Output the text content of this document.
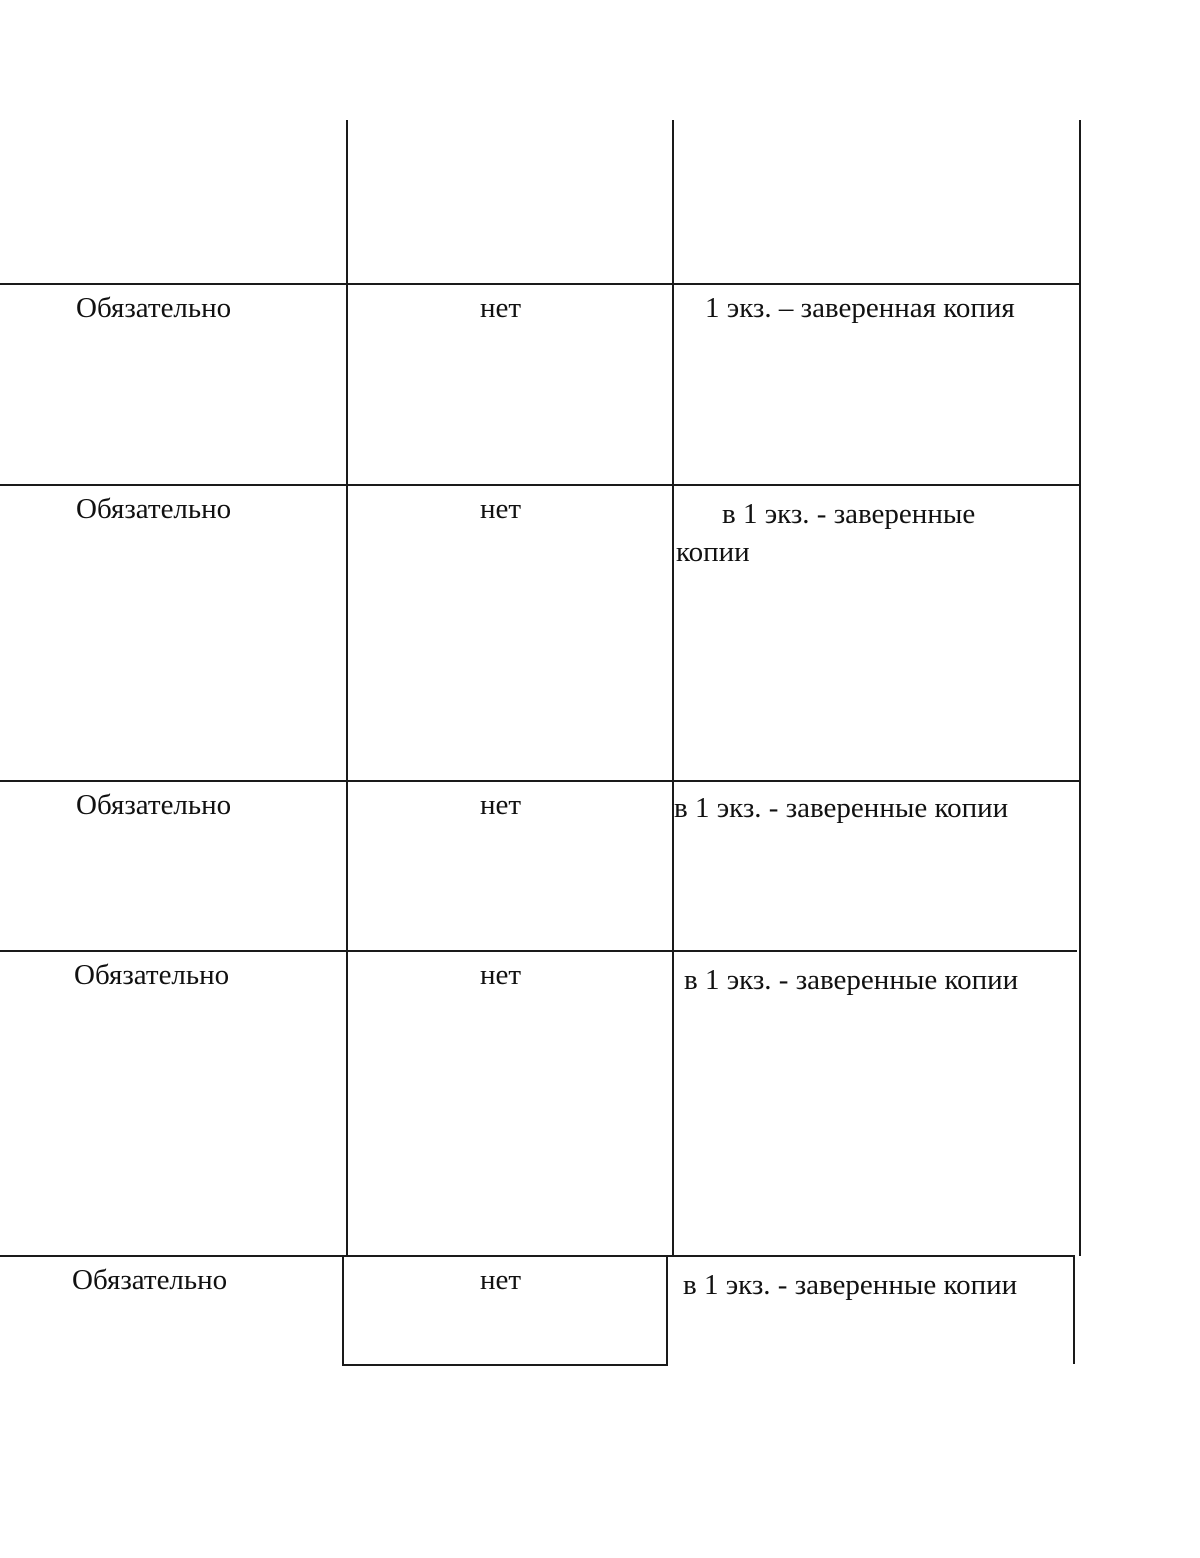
Обязательно	нет	1 экз. – заверенная копия
Обязательно	нет	в 1 экз. - заверенные
копии
Обязательно	нет	в 1 экз. - заверенные копии
Обязательно	нет	в 1 экз. - заверенные копии
Обязательно	нет	в 1 экз. - заверенные копии
